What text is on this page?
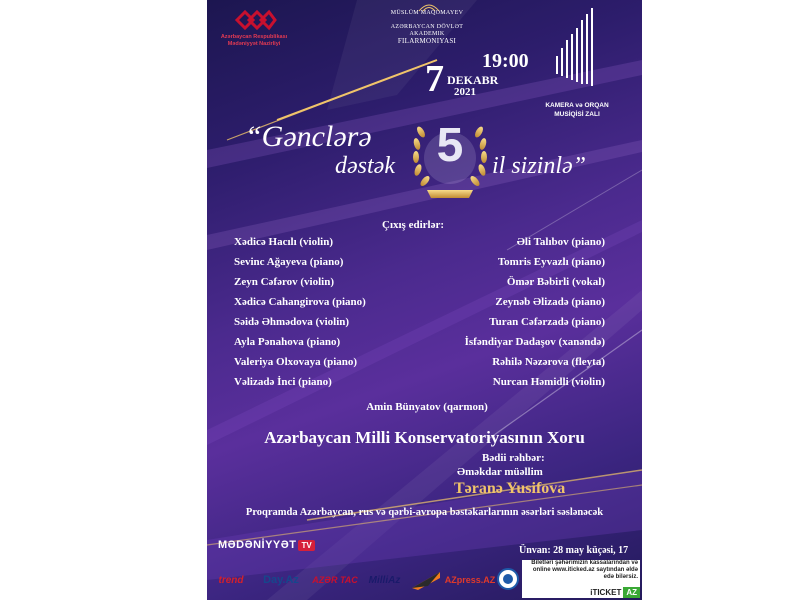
Azərbaycan Respublikası Mədəniyyət Nazirliyi
MÜSLÜM MAQOMAYEV
AZƏRBAYCAN DÖVLƏT
AKADEMIK
FILARMONIYASI
7 DEKABR
2021
19:00
KAMERA və ORQAN
MUSİQİSİ ZALI
“Gənclərə
dəstək	il sizinlə”
5
Çıxış edirlər:
Xədicə Hacılı (violin)
Sevinc Ağayeva (piano)
Zeyn Cəfərov (violin)
Xədicə Cahangirova (piano)
Səidə Əhmədova (violin)
Ayla Pənahova (piano)
Valeriya Olxovaya (piano)
Vəlizadə İnci (piano)
Əli Talıbov (piano)
Tomris Eyvazlı (piano)
Ömər Bəbirli (vokal)
Zeynəb Əlizadə (piano)
Turan Cəfərzadə (piano)
İsfəndiyar Dadaşov (xanəndə)
Rəhilə Nəzərova (fleyta)
Nurcan Həmidli (violin)
Amin Bünyatov (qarmon)
Azərbaycan Milli Konservatoriyasının Xoru
Bədii rəhbər:
Əməkdar müəllim
Təranə Yusifova
Proqramda Azərbaycan, rus və qərbi-avropa bəstəkarlarının əsərləri səslənəcək
MƏDƏNİYYƏT TV	Ünvan: 28 may küçəsi, 17
trend Day.Az AZƏR TAC MilliAz	AZpress.AZ
Biletləri şəhərimizin kassalarından və online www.iticked.az saytından əldə edə bilərsiz.
iTICKET AZ
